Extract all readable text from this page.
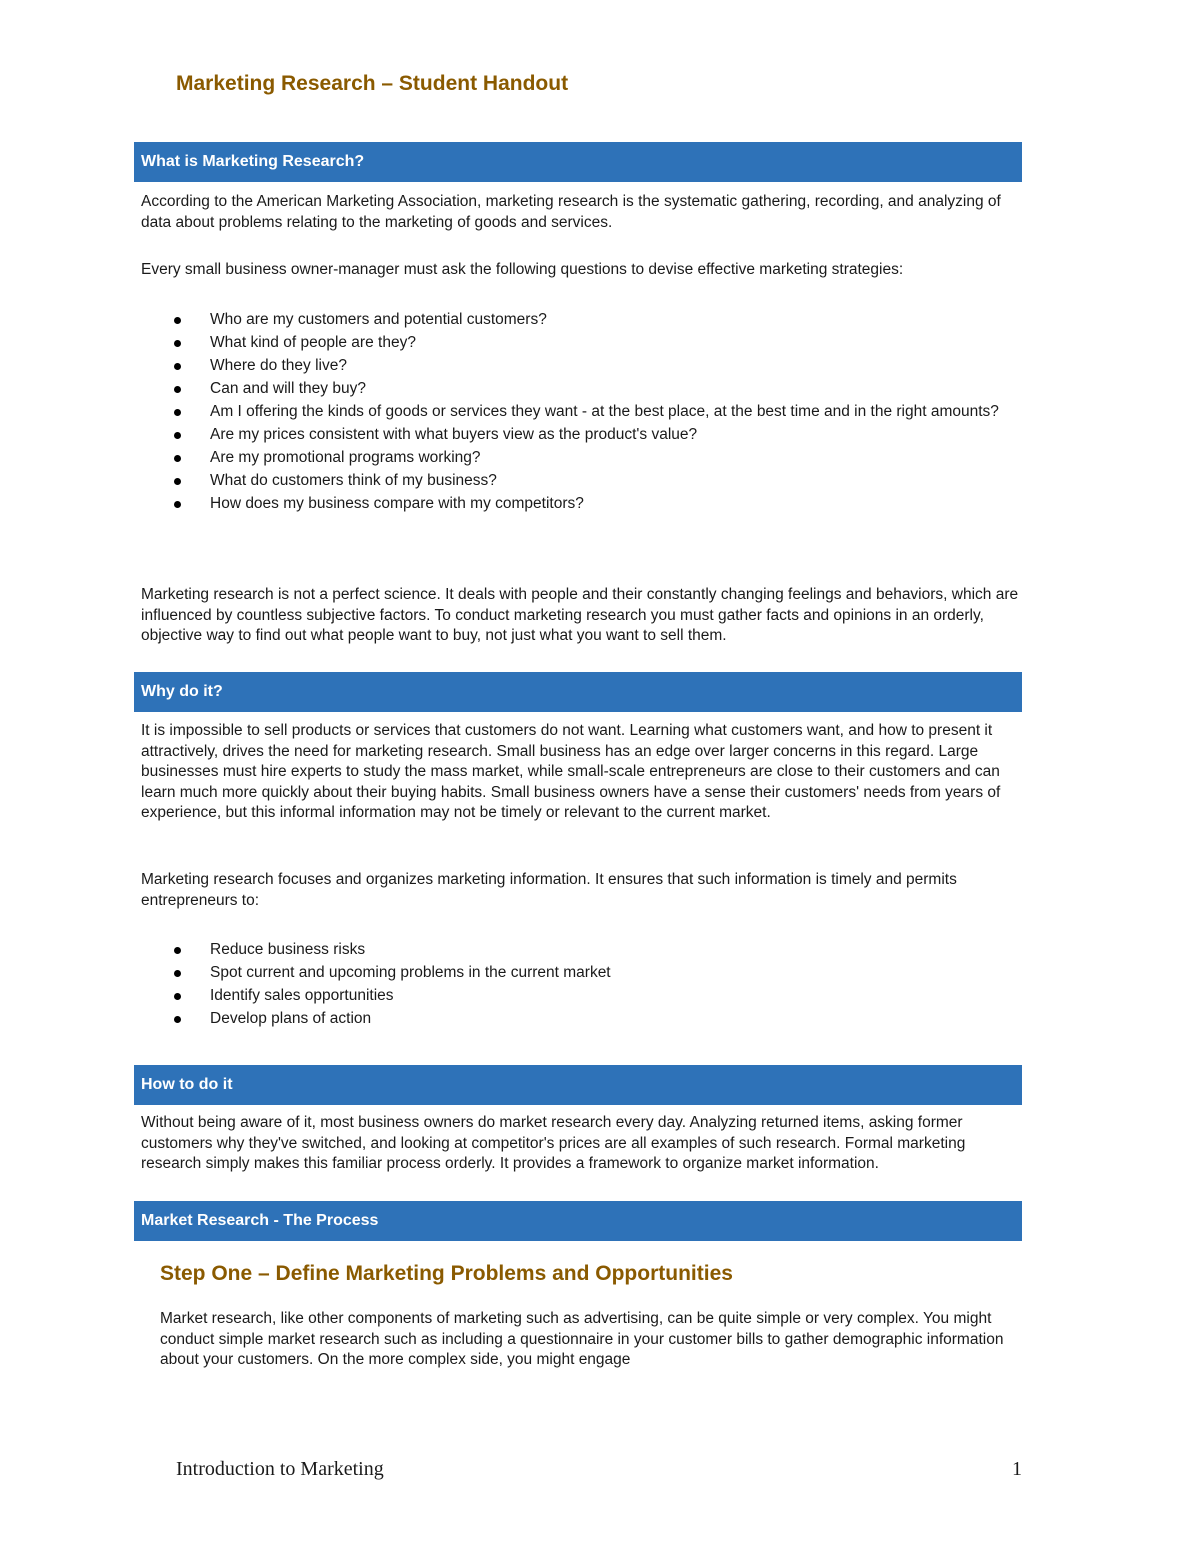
Marketing Research – Student Handout
What is Marketing Research?

According to the American Marketing Association, marketing research is the systematic gathering, recording, and analyzing of data about problems relating to the marketing of goods and services.

Every small business owner-manager must ask the following questions to devise effective marketing strategies:

Who are my customers and potential customers?
What kind of people are they?
Where do they live?
Can and will they buy?
Am I offering the kinds of goods or services they want - at the best place, at the best time and in the right amounts?
Are my prices consistent with what buyers view as the product's value?
Are my promotional programs working?
What do customers think of my business?
How does my business compare with my competitors?

Marketing research is not a perfect science. It deals with people and their constantly changing feelings and behaviors, which are influenced by countless subjective factors. To conduct marketing research you must gather facts and opinions in an orderly, objective way to find out what people want to buy, not just what you want to sell them.

Why do it?

It is impossible to sell products or services that customers do not want. Learning what customers want, and how to present it attractively, drives the need for marketing research. Small business has an edge over larger concerns in this regard. Large businesses must hire experts to study the mass market, while small-scale entrepreneurs are close to their customers and can learn much more quickly about their buying habits. Small business owners have a sense their customers' needs from years of experience, but this informal information may not be timely or relevant to the current market.

Marketing research focuses and organizes marketing information. It ensures that such information is timely and permits entrepreneurs to:

Reduce business risks
Spot current and upcoming problems in the current market
Identify sales opportunities
Develop plans of action
How to do it

Without being aware of it, most business owners do market research every day. Analyzing returned items, asking former customers why they've switched, and looking at competitor's prices are all examples of such research. Formal marketing research simply makes this familiar process orderly. It provides a framework to organize market information.

Market Research - The Process
Step One – Define Marketing Problems and Opportunities

Market research, like other components of marketing such as advertising, can be quite simple or very complex. You might conduct simple market research such as including a questionnaire in your customer bills to gather demographic information about your customers. On the more complex side, you might engage

Introduction to Marketing	1
